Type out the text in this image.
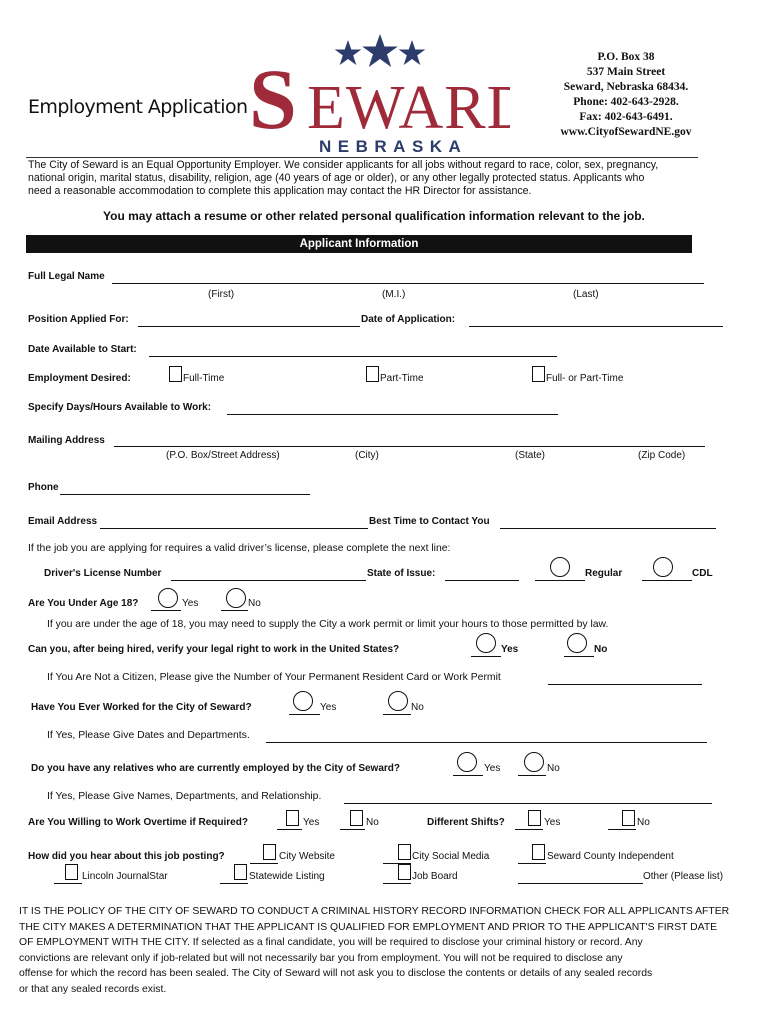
Employment Application S EWARD
NEBRASKA
P.O. Box 38
537 Main Street
Seward, Nebraska 68434.
Phone: 402-643-2928.
Fax: 402-643-6491.
www.CityofSewardNE.gov
The City of Seward is an Equal Opportunity Employer. We consider applicants for all jobs without regard to race, color, sex, pregnancy,
national origin, marital status, disability, religion, age (40 years of age or older), or any other legally protected status. Applicants who
need a reasonable accommodation to complete this application may contact the HR Director for assistance.
You may attach a resume or other related personal qualification information relevant to the job.
Applicant Information
Full Legal Name
(First)	(M.I.)	(Last)
Position Applied For:	Date of Application:
Date Available to Start:
Employment Desired:	Full-Time	Part-Time	Full- or Part-Time
Specify Days/Hours Available to Work:
Mailing Address
(P.O. Box/Street Address)	(City)	(State)	(Zip Code)
Phone
Email Address	Best Time to Contact You
If the job you are applying for requires a valid driver’s license, please complete the next line:
Driver's License Number	State of Issue:	Regular	CDL
Are You Under Age 18?	Yes	No
If you are under the age of 18, you may need to supply the City a work permit or limit your hours to those permitted by law.
Can you, after being hired, verify your legal right to work in the United States?	Yes	No
If You Are Not a Citizen, Please give the Number of Your Permanent Resident Card or Work Permit
Have You Ever Worked for the City of Seward?	Yes	No
If Yes, Please Give Dates and Departments.
Do you have any relatives who are currently employed by the City of Seward?	Yes	No
If Yes, Please Give Names, Departments, and Relationship.
Are You Willing to Work Overtime if Required?	Yes	No	Different Shifts?	Yes	No
How did you hear about this job posting?	City Website	City Social Media	Seward County Independent
Lincoln JournalStar	Statewide Listing	Job Board	Other (Please list)
IT IS THE POLICY OF THE CITY OF SEWARD TO CONDUCT A CRIMINAL HISTORY RECORD INFORMATION CHECK FOR ALL APPLICANTS AFTER
THE CITY MAKES A DETERMINATION THAT THE APPLICANT IS QUALIFIED FOR EMPLOYMENT AND PRIOR TO THE APPLICANT'S FIRST DATE
OF EMPLOYMENT WITH THE CITY. If selected as a final candidate, you will be required to disclose your criminal history or record. Any
convictions are relevant only if job-related but will not necessarily bar you from employment. You will not be required to disclose any
offense for which the record has been sealed. The City of Seward will not ask you to disclose the contents or details of any sealed records
or that any sealed records exist.
